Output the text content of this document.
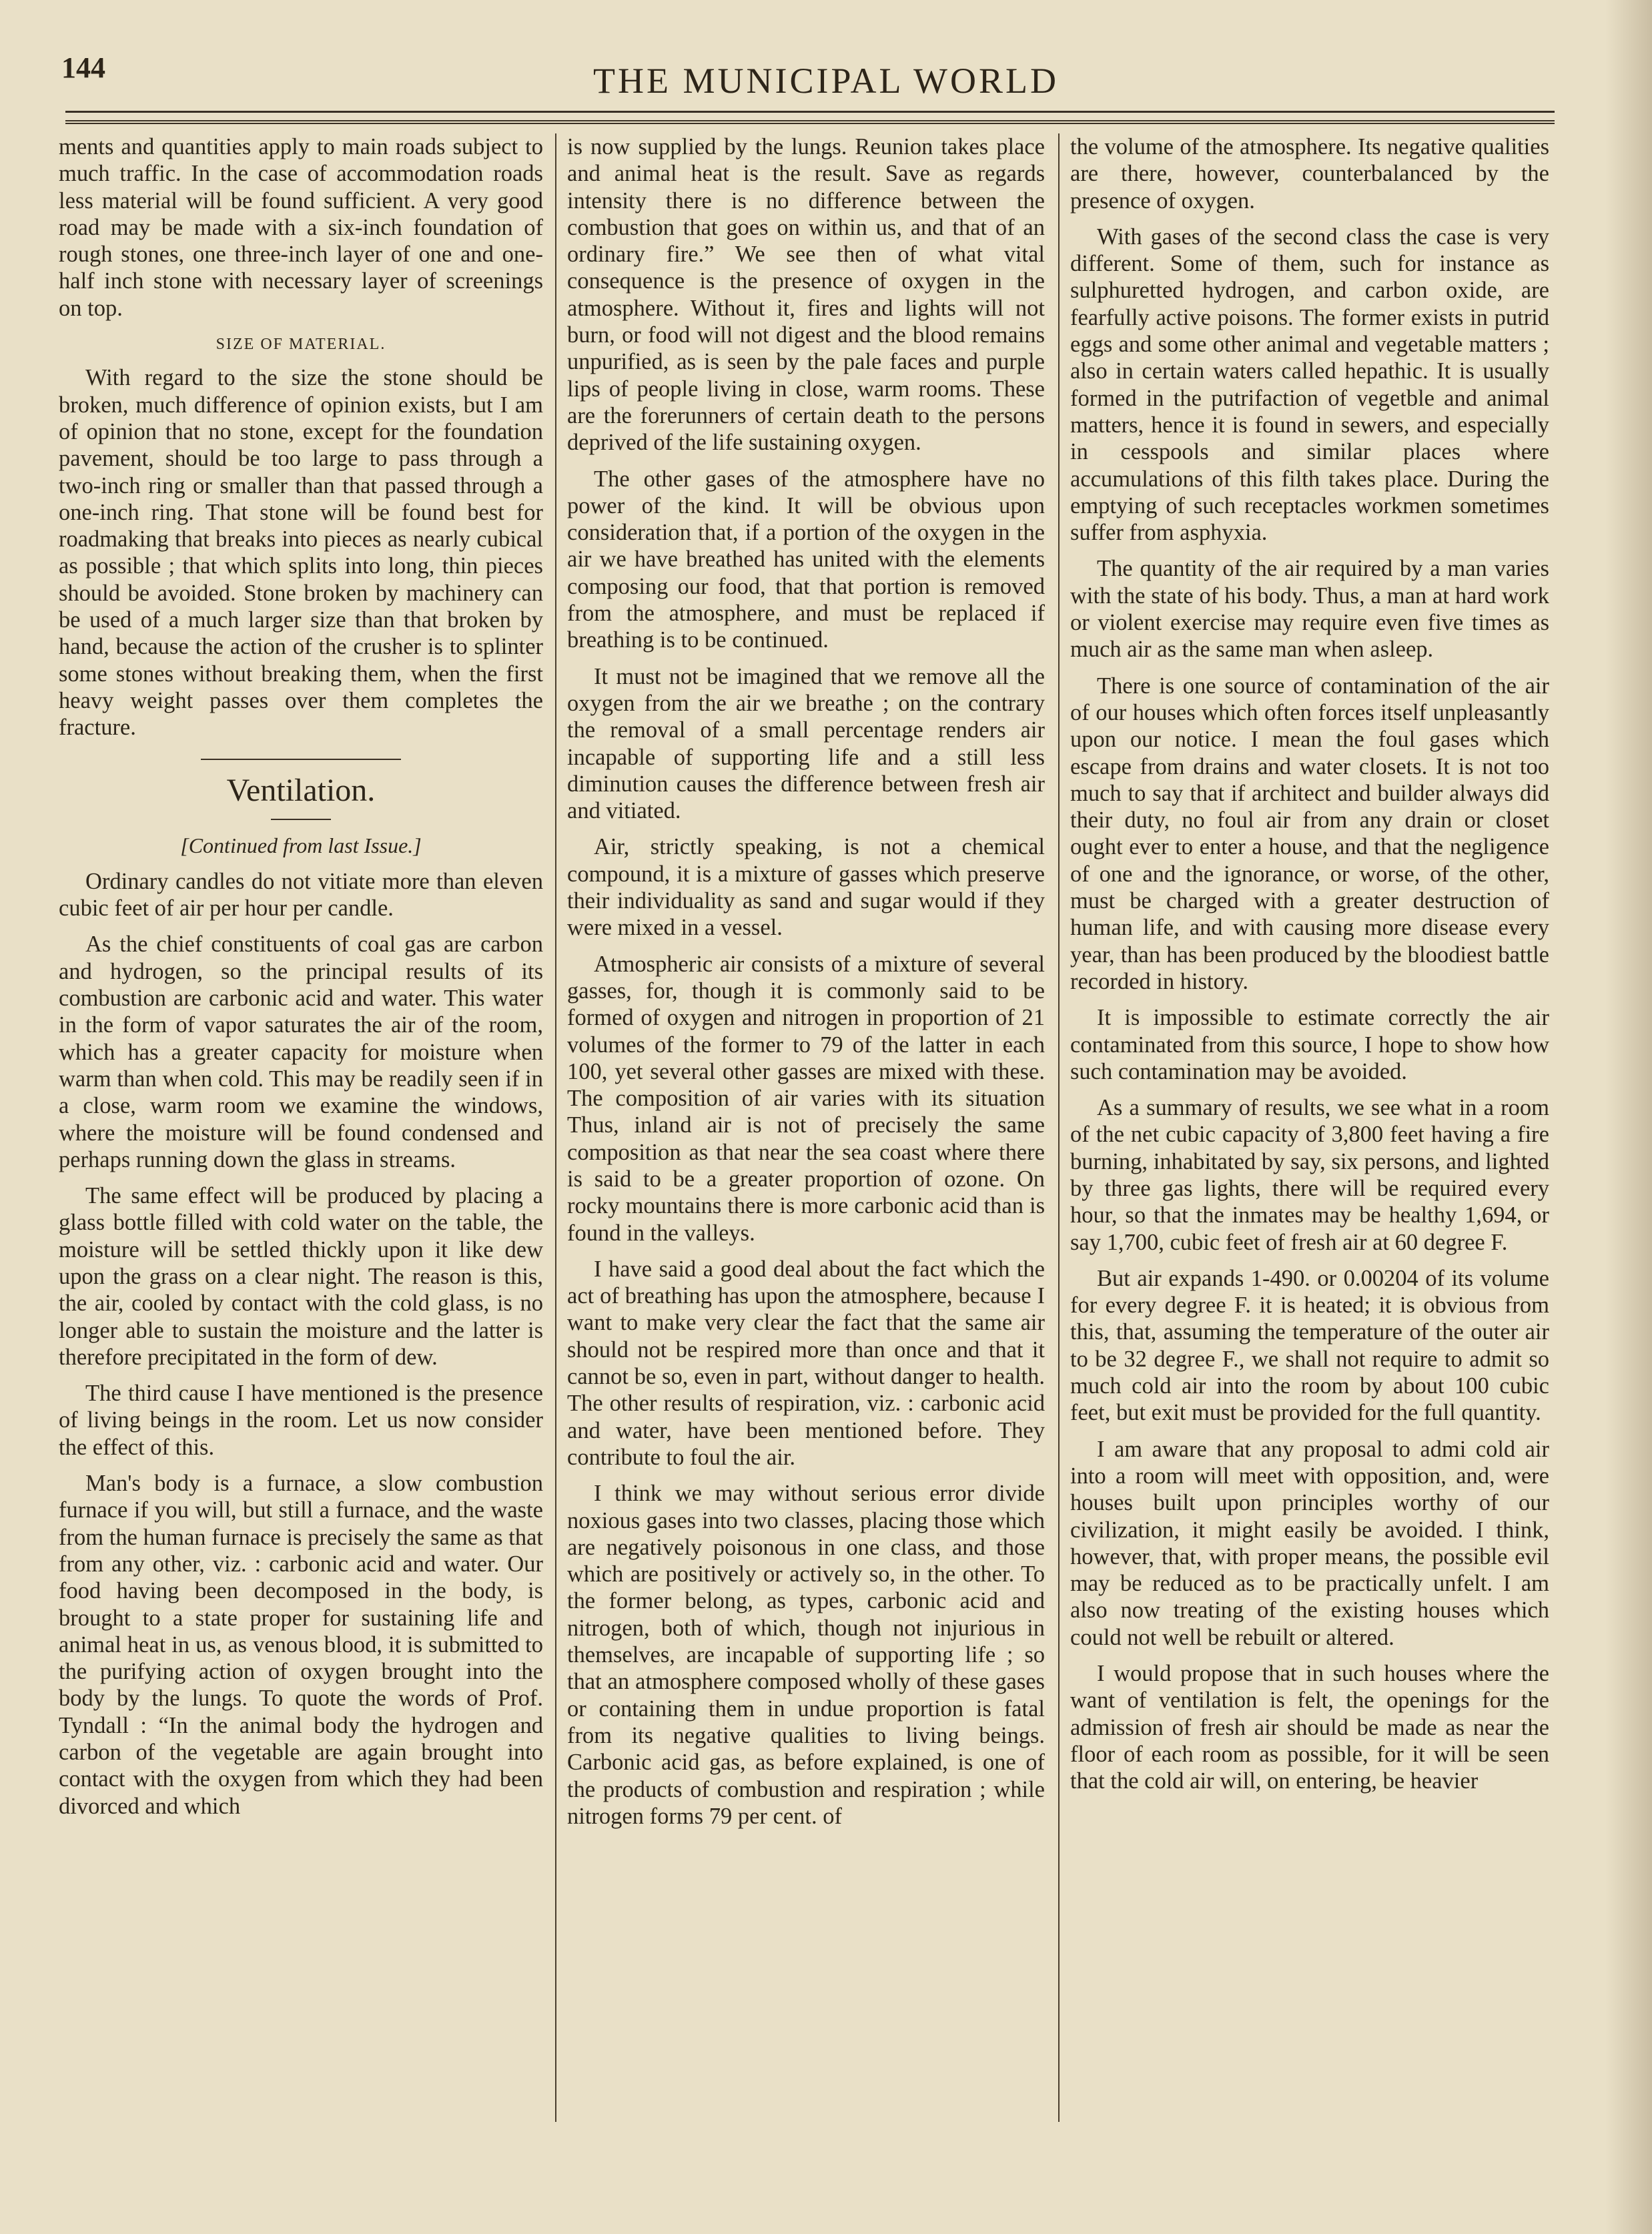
144	THE MUNICIPAL WORLD

ments and quantities apply to main roads subject to much traffic. In the case of accommodation roads less material will be found sufficient. A very good road may be made with a six-inch foundation of rough stones, one three-inch layer of one and one-half inch stone with necessary layer of screenings on top.

SIZE OF MATERIAL.

With regard to the size the stone should be broken, much difference of opinion exists, but I am of opinion that no stone, except for the foundation pavement, should be too large to pass through a two-inch ring or smaller than that passed through a one-inch ring. That stone will be found best for roadmaking that breaks into pieces as nearly cubical as possible ; that which splits into long, thin pieces should be avoided. Stone broken by machinery can be used of a much larger size than that broken by hand, because the action of the crusher is to splinter some stones without breaking them, when the first heavy weight passes over them completes the fracture.

Ventilation.
[Continued from last Issue.]

Ordinary candles do not vitiate more than eleven cubic feet of air per hour per candle.

As the chief constituents of coal gas are carbon and hydrogen, so the principal results of its combustion are carbonic acid and water. This water in the form of vapor saturates the air of the room, which has a greater capacity for moisture when warm than when cold. This may be readily seen if in a close, warm room we examine the windows, where the moisture will be found condensed and perhaps running down the glass in streams.

The same effect will be produced by placing a glass bottle filled with cold water on the table, the moisture will be settled thickly upon it like dew upon the grass on a clear night. The reason is this, the air, cooled by contact with the cold glass, is no longer able to sustain the moisture and the latter is therefore precipitated in the form of dew.

The third cause I have mentioned is the presence of living beings in the room. Let us now consider the effect of this.

Man's body is a furnace, a slow combustion furnace if you will, but still a furnace, and the waste from the human furnace is precisely the same as that from any other, viz. : carbonic acid and water. Our food having been decomposed in the body, is brought to a state proper for sustaining life and animal heat in us, as venous blood, it is submitted to the purifying action of oxygen brought into the body by the lungs. To quote the words of Prof. Tyndall : “In the animal body the hydrogen and carbon of the vegetable are again brought into contact with the oxygen from which they had been divorced and which

is now supplied by the lungs. Reunion takes place and animal heat is the result. Save as regards intensity there is no difference between the combustion that goes on within us, and that of an ordinary fire.” We see then of what vital consequence is the presence of oxygen in the atmosphere. Without it, fires and lights will not burn, or food will not digest and the blood remains unpurified, as is seen by the pale faces and purple lips of people living in close, warm rooms. These are the forerunners of certain death to the persons deprived of the life sustaining oxygen.

The other gases of the atmosphere have no power of the kind. It will be obvious upon consideration that, if a portion of the oxygen in the air we have breathed has united with the elements composing our food, that that portion is removed from the atmosphere, and must be replaced if breathing is to be continued.

It must not be imagined that we remove all the oxygen from the air we breathe ; on the contrary the removal of a small percentage renders air incapable of supporting life and a still less diminution causes the difference between fresh air and vitiated.

Air, strictly speaking, is not a chemical compound, it is a mixture of gasses which preserve their individuality as sand and sugar would if they were mixed in a vessel.

Atmospheric air consists of a mixture of several gasses, for, though it is commonly said to be formed of oxygen and nitrogen in proportion of 21 volumes of the former to 79 of the latter in each 100, yet several other gasses are mixed with these. The composition of air varies with its situation Thus, inland air is not of precisely the same composition as that near the sea coast where there is said to be a greater proportion of ozone. On rocky mountains there is more carbonic acid than is found in the valleys.

I have said a good deal about the fact which the act of breathing has upon the atmosphere, because I want to make very clear the fact that the same air should not be respired more than once and that it cannot be so, even in part, without danger to health. The other results of respiration, viz. : carbonic acid and water, have been mentioned before. They contribute to foul the air.

I think we may without serious error divide noxious gases into two classes, placing those which are negatively poisonous in one class, and those which are positively or actively so, in the other. To the former belong, as types, carbonic acid and nitrogen, both of which, though not injurious in themselves, are incapable of supporting life ; so that an atmosphere composed wholly of these gases or containing them in undue proportion is fatal from its negative qualities to living beings. Carbonic acid gas, as before explained, is one of the products of combustion and respiration ; while nitrogen forms 79 per cent. of

the volume of the atmosphere. Its negative qualities are there, however, counterbalanced by the presence of oxygen.

With gases of the second class the case is very different. Some of them, such for instance as sulphuretted hydrogen, and carbon oxide, are fearfully active poisons. The former exists in putrid eggs and some other animal and vegetable matters ; also in certain waters called hepathic. It is usually formed in the putrifaction of vegetble and animal matters, hence it is found in sewers, and especially in cesspools and similar places where accumulations of this filth takes place. During the emptying of such receptacles workmen sometimes suffer from asphyxia.

The quantity of the air required by a man varies with the state of his body. Thus, a man at hard work or violent exercise may require even five times as much air as the same man when asleep.

There is one source of contamination of the air of our houses which often forces itself unpleasantly upon our notice. I mean the foul gases which escape from drains and water closets. It is not too much to say that if architect and builder always did their duty, no foul air from any drain or closet ought ever to enter a house, and that the negligence of one and the ignorance, or worse, of the other, must be charged with a greater destruction of human life, and with causing more disease every year, than has been produced by the bloodiest battle recorded in history.

It is impossible to estimate correctly the air contaminated from this source, I hope to show how such contamination may be avoided.

As a summary of results, we see what in a room of the net cubic capacity of 3,800 feet having a fire burning, inhabitated by say, six persons, and lighted by three gas lights, there will be required every hour, so that the inmates may be healthy 1,694, or say 1,700, cubic feet of fresh air at 60 degree F.

But air expands 1-490. or 0.00204 of its volume for every degree F. it is heated; it is obvious from this, that, assuming the temperature of the outer air to be 32 degree F., we shall not require to admit so much cold air into the room by about 100 cubic feet, but exit must be provided for the full quantity.

I am aware that any proposal to admi cold air into a room will meet with opposition, and, were houses built upon principles worthy of our civilization, it might easily be avoided. I think, however, that, with proper means, the possible evil may be reduced as to be practically unfelt. I am also now treating of the existing houses which could not well be rebuilt or altered.

I would propose that in such houses where the want of ventilation is felt, the openings for the admission of fresh air should be made as near the floor of each room as possible, for it will be seen that the cold air will, on entering, be heavier
